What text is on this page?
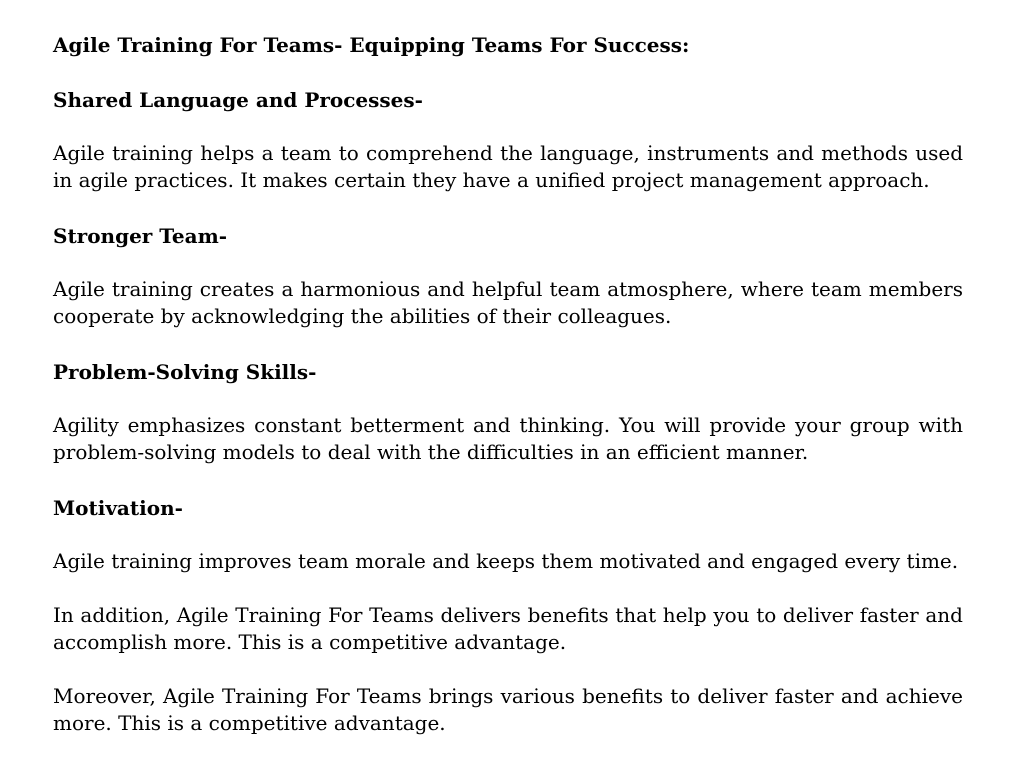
Agile Training For Teams- Equipping Teams For Success:

Shared Language and Processes-

Agile training helps a team to comprehend the language, instruments and methods used in agile practices. It makes certain they have a unified project management approach.

Stronger Team-

Agile training creates a harmonious and helpful team atmosphere, where team members cooperate by acknowledging the abilities of their colleagues.

Problem-Solving Skills-

Agility emphasizes constant betterment and thinking. You will provide your group with problem-solving models to deal with the difficulties in an efficient manner.

Motivation-

Agile training improves team morale and keeps them motivated and engaged every time.

In addition, Agile Training For Teams delivers benefits that help you to deliver faster and accomplish more. This is a competitive advantage.

Moreover, Agile Training For Teams brings various benefits to deliver faster and achieve more. This is a competitive advantage.
